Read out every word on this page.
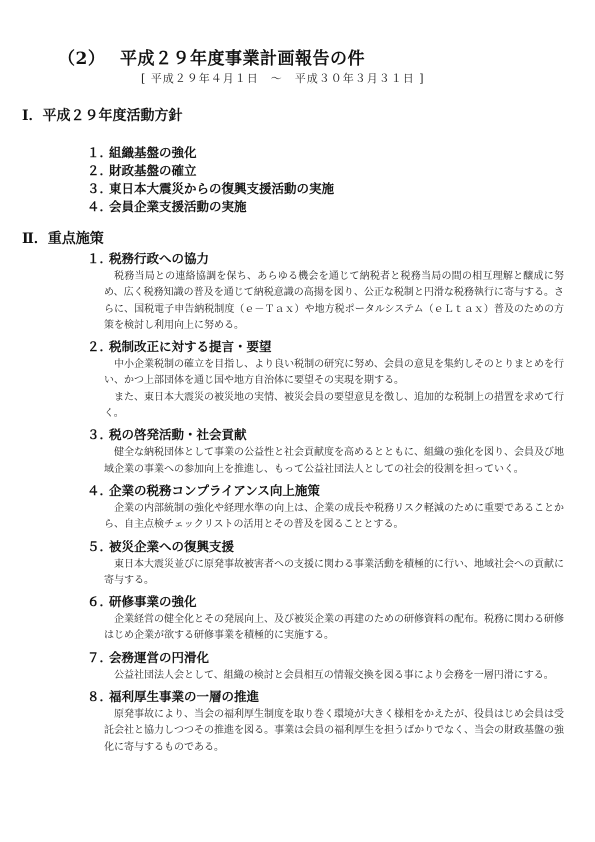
（2） 平成２９年度事業計画報告の件
[ 平成２９年４月１日　～　平成３０年３月３１日 ]
Ⅰ．平成２９年度活動方針
１．組織基盤の強化
２．財政基盤の確立
３．東日本大震災からの復興支援活動の実施
４．会員企業支援活動の実施
Ⅱ．重点施策
１．税務行政への協力

税務当局との連絡協調を保ち、あらゆる機会を通じて納税者と税務当局の間の相互理解と醸成に努め、広く税務知識の普及を通じて納税意識の高揚を図り、公正な税制と円滑な税務執行に寄与する。さらに、国税電子申告納税制度（ｅ－Ｔａｘ）や地方税ポータルシステム（ｅＬｔａｘ）普及のための方策を検討し利用向上に努める。

２．税制改正に対する提言・要望

中小企業税制の確立を目指し、より良い税制の研究に努め、会員の意見を集約しそのとりまとめを行い、かつ上部団体を通じ国や地方自治体に要望その実現を期する。

また、東日本大震災の被災地の実情、被災会員の要望意見を徴し、追加的な税制上の措置を求めて行く。

３．税の啓発活動・社会貢献

健全な納税団体として事業の公益性と社会貢献度を高めるとともに、組織の強化を図り、会員及び地域企業の事業への参加向上を推進し、もって公益社団法人としての社会的役割を担っていく。

４．企業の税務コンプライアンス向上施策

企業の内部統制の強化や経理水準の向上は、企業の成長や税務リスク軽減のために重要であることから、自主点検チェックリストの活用とその普及を図ることとする。

５．被災企業への復興支援

東日本大震災並びに原発事故被害者への支援に関わる事業活動を積極的に行い、地域社会への貢献に寄与する。

６．研修事業の強化

企業経営の健全化とその発展向上、及び被災企業の再建のための研修資料の配布。税務に関わる研修はじめ企業が欲する研修事業を積極的に実施する。

７．会務運営の円滑化

公益社団法人会として、組織の検討と会員相互の情報交換を図る事により会務を一層円滑にする。

８．福利厚生事業の一層の推進

原発事故により、当会の福利厚生制度を取り巻く環境が大きく様相をかえたが、役員はじめ会員は受託会社と協力しつつその推進を図る。事業は会員の福利厚生を担うばかりでなく、当会の財政基盤の強化に寄与するものである。
